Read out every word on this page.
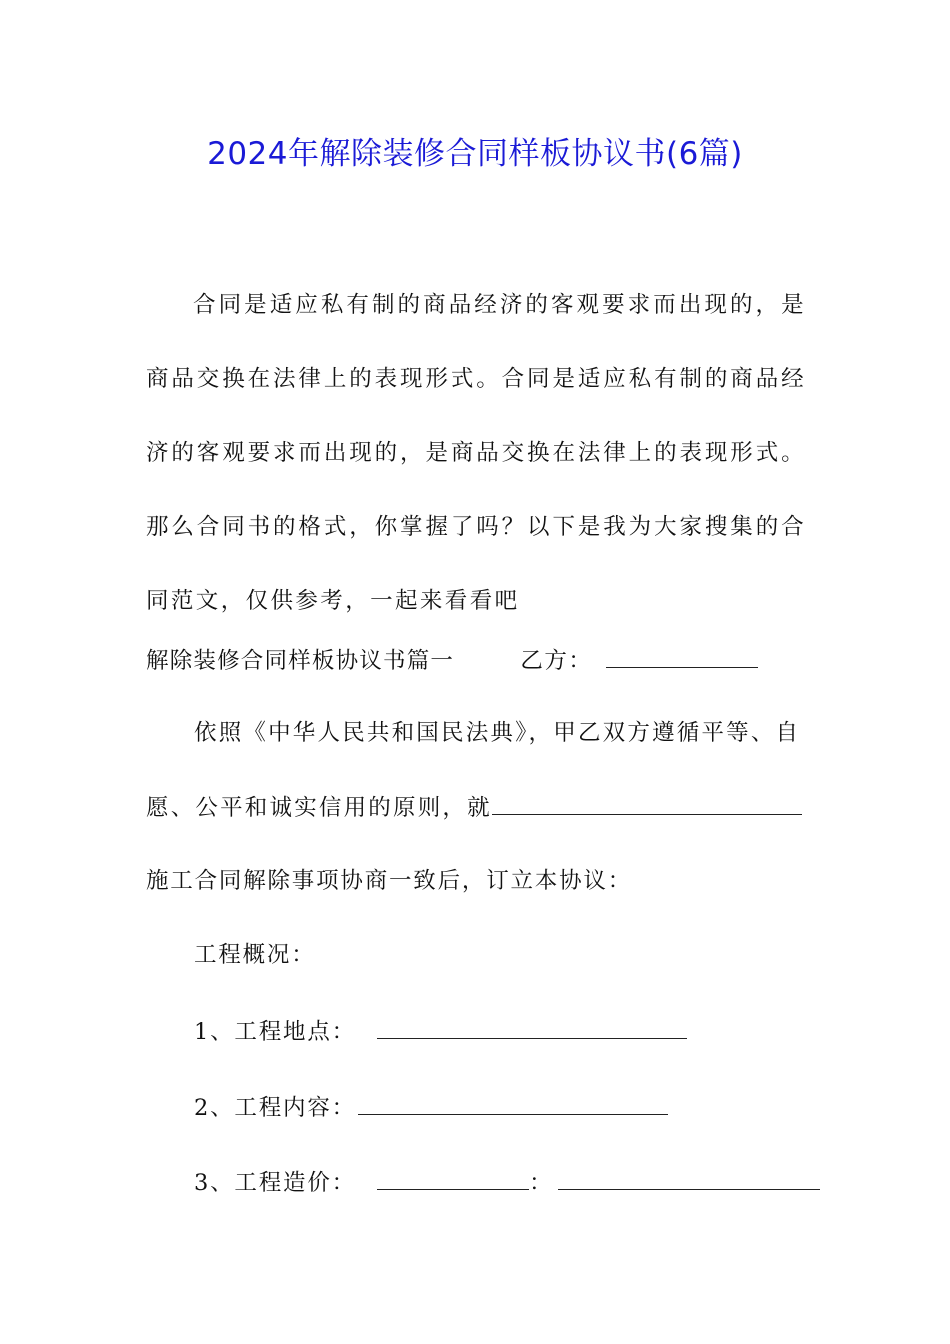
2024年解除装修合同样板协议书(6篇)

合同是适应私有制的商品经济的客观要求而出现的，是商品交换在法律上的表现形式。合同是适应私有制的商品经济的客观要求而出现的，是商品交换在法律上的表现形式。那么合同书的格式，你掌握了吗？以下是我为大家搜集的合同范文，仅供参考，一起来看看吧

解除装修合同样板协议书篇一	乙方：
依照《中华人民共和国民法典》，甲乙双方遵循平等、自
愿、公平和诚实信用的原则，就
施工合同解除事项协商一致后，订立本协议：
工程概况：
1、工程地点：
2、工程内容：
3、工程造价：	：
